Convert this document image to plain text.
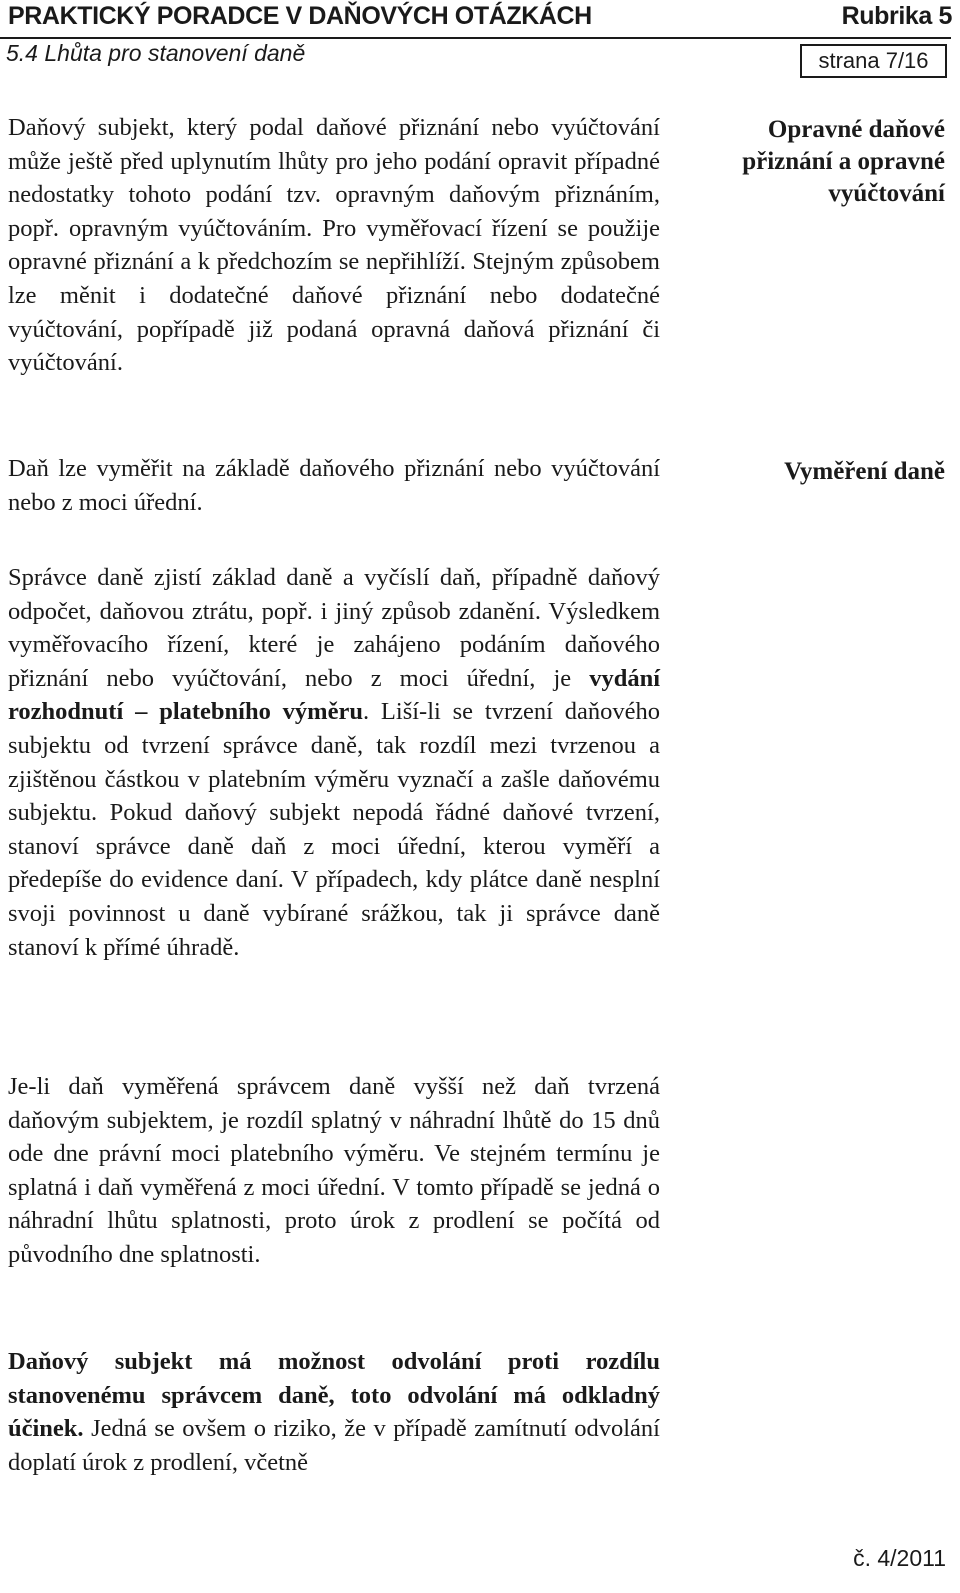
PRAKTICKÝ PORADCE V DAŇOVÝCH OTÁZKÁCH	Rubrika 5
5.4 Lhůta pro stanovení daně	strana 7/16

Daňový subjekt, který podal daňové přiznání nebo vyúčtování může ještě před uplynutím lhůty pro jeho podání opravit případné nedostatky tohoto podání tzv. opravným daňovým přiznáním, popř. opravným vyúčtováním. Pro vyměřovací řízení se použije opravné přiznání a k předchozím se nepřihlíží. Stejným způsobem lze měnit i dodatečné daňové přiznání nebo dodatečné vyúčtování, popřípadě již podaná opravná daňová přiznání či vyúčtování.

Opravné daňové přiznání a opravné vyúčtování

Daň lze vyměřit na základě daňového přiznání nebo vyúčtování nebo z moci úřední.

Vyměření daně

Správce daně zjistí základ daně a vyčíslí daň, případně daňový odpočet, daňovou ztrátu, popř. i jiný způsob zdanění. Výsledkem vyměřovacího řízení, které je zahájeno podáním daňového přiznání nebo vyúčtování, nebo z moci úřední, je vydání rozhodnutí – platebního výměru. Liší-li se tvrzení daňového subjektu od tvrzení správce daně, tak rozdíl mezi tvrzenou a zjištěnou částkou v platebním výměru vyznačí a zašle daňovému subjektu. Pokud daňový subjekt nepodá řádné daňové tvrzení, stanoví správce daně daň z moci úřední, kterou vyměří a předepíše do evidence daní. V případech, kdy plátce daně nesplní svoji povinnost u daně vybírané srážkou, tak ji správce daně stanoví k přímé úhradě.

Je-li daň vyměřená správcem daně vyšší než daň tvrzená daňovým subjektem, je rozdíl splatný v náhradní lhůtě do 15 dnů ode dne právní moci platebního výměru. Ve stejném termínu je splatná i daň vyměřená z moci úřední. V tomto případě se jedná o náhradní lhůtu splatnosti, proto úrok z prodlení se počítá od původního dne splatnosti.

Daňový subjekt má možnost odvolání proti rozdílu stanovenému správcem daně, toto odvolání má odkladný účinek. Jedná se ovšem o riziko, že v případě zamítnutí odvolání doplatí úrok z prodlení, včetně

č. 4/2011
